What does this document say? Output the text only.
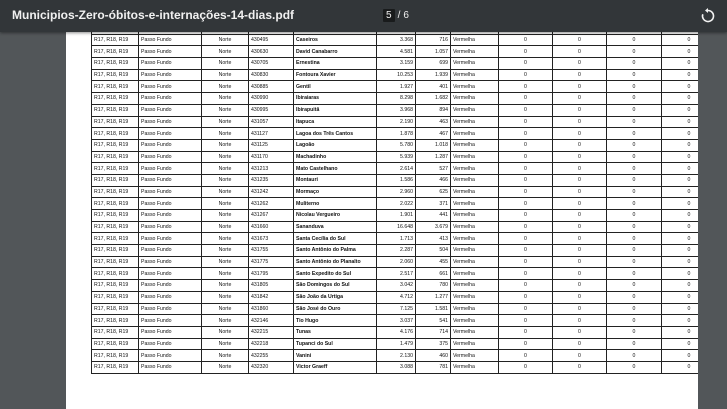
Municipios-Zero-óbitos-e-internações-14-dias.pdf	5 / 6

R17, R18, R19	Passo Fundo	Norte	430495	Caseiros	3.368	716	Vermelha	0	0	0	0
R17, R18, R19	Passo Fundo	Norte	430630	David Canabarro	4.581	1.057	Vermelha	0	0	0	0
R17, R18, R19	Passo Fundo	Norte	430705	Ernestina	3.159	699	Vermelha	0	0	0	0
R17, R18, R19	Passo Fundo	Norte	430830	Fontoura Xavier	10.253	1.939	Vermelha	0	0	0	0
R17, R18, R19	Passo Fundo	Norte	430885	Gentil	1.927	401	Vermelha	0	0	0	0
R17, R18, R19	Passo Fundo	Norte	430990	Ibiraiaras	8.298	1.682	Vermelha	0	0	0	0
R17, R18, R19	Passo Fundo	Norte	430995	Ibirapuitã	3.968	894	Vermelha	0	0	0	0
R17, R18, R19	Passo Fundo	Norte	431057	Itapuca	2.190	463	Vermelha	0	0	0	0
R17, R18, R19	Passo Fundo	Norte	431127	Lagoa dos Três Cantos	1.878	467	Vermelha	0	0	0	0
R17, R18, R19	Passo Fundo	Norte	431125	Lagoão	5.780	1.018	Vermelha	0	0	0	0
R17, R18, R19	Passo Fundo	Norte	431170	Machadinho	5.939	1.287	Vermelha	0	0	0	0
R17, R18, R19	Passo Fundo	Norte	431213	Mato Castelhano	2.614	527	Vermelha	0	0	0	0
R17, R18, R19	Passo Fundo	Norte	431235	Montauri	1.586	466	Vermelha	0	0	0	0
R17, R18, R19	Passo Fundo	Norte	431242	Mormaço	2.960	625	Vermelha	0	0	0	0
R17, R18, R19	Passo Fundo	Norte	431262	Muliterno	2.022	371	Vermelha	0	0	0	0
R17, R18, R19	Passo Fundo	Norte	431267	Nicolau Vergueiro	1.901	441	Vermelha	0	0	0	0
R17, R18, R19	Passo Fundo	Norte	431660	Sananduva	16.648	3.679	Vermelha	0	0	0	0
R17, R18, R19	Passo Fundo	Norte	431673	Santa Cecília do Sul	1.713	413	Vermelha	0	0	0	0
R17, R18, R19	Passo Fundo	Norte	431755	Santo Antônio do Palma	2.287	504	Vermelha	0	0	0	0
R17, R18, R19	Passo Fundo	Norte	431775	Santo Antônio do Planalto	2.060	455	Vermelha	0	0	0	0
R17, R18, R19	Passo Fundo	Norte	431795	Santo Expedito do Sul	2.517	661	Vermelha	0	0	0	0
R17, R18, R19	Passo Fundo	Norte	431805	São Domingos do Sul	3.042	780	Vermelha	0	0	0	0
R17, R18, R19	Passo Fundo	Norte	431842	São João da Urtiga	4.712	1.277	Vermelha	0	0	0	0
R17, R18, R19	Passo Fundo	Norte	431860	São José do Ouro	7.125	1.581	Vermelha	0	0	0	0
R17, R18, R19	Passo Fundo	Norte	432146	Tio Hugo	3.037	541	Vermelha	0	0	0	0
R17, R18, R19	Passo Fundo	Norte	432215	Tunas	4.176	714	Vermelha	0	0	0	0
R17, R18, R19	Passo Fundo	Norte	432218	Tupanci do Sul	1.479	375	Vermelha	0	0	0	0
R17, R18, R19	Passo Fundo	Norte	432255	Vanini	2.130	460	Vermelha	0	0	0	0
R17, R18, R19	Passo Fundo	Norte	432320	Victor Graeff	3.088	781	Vermelha	0	0	0	0
